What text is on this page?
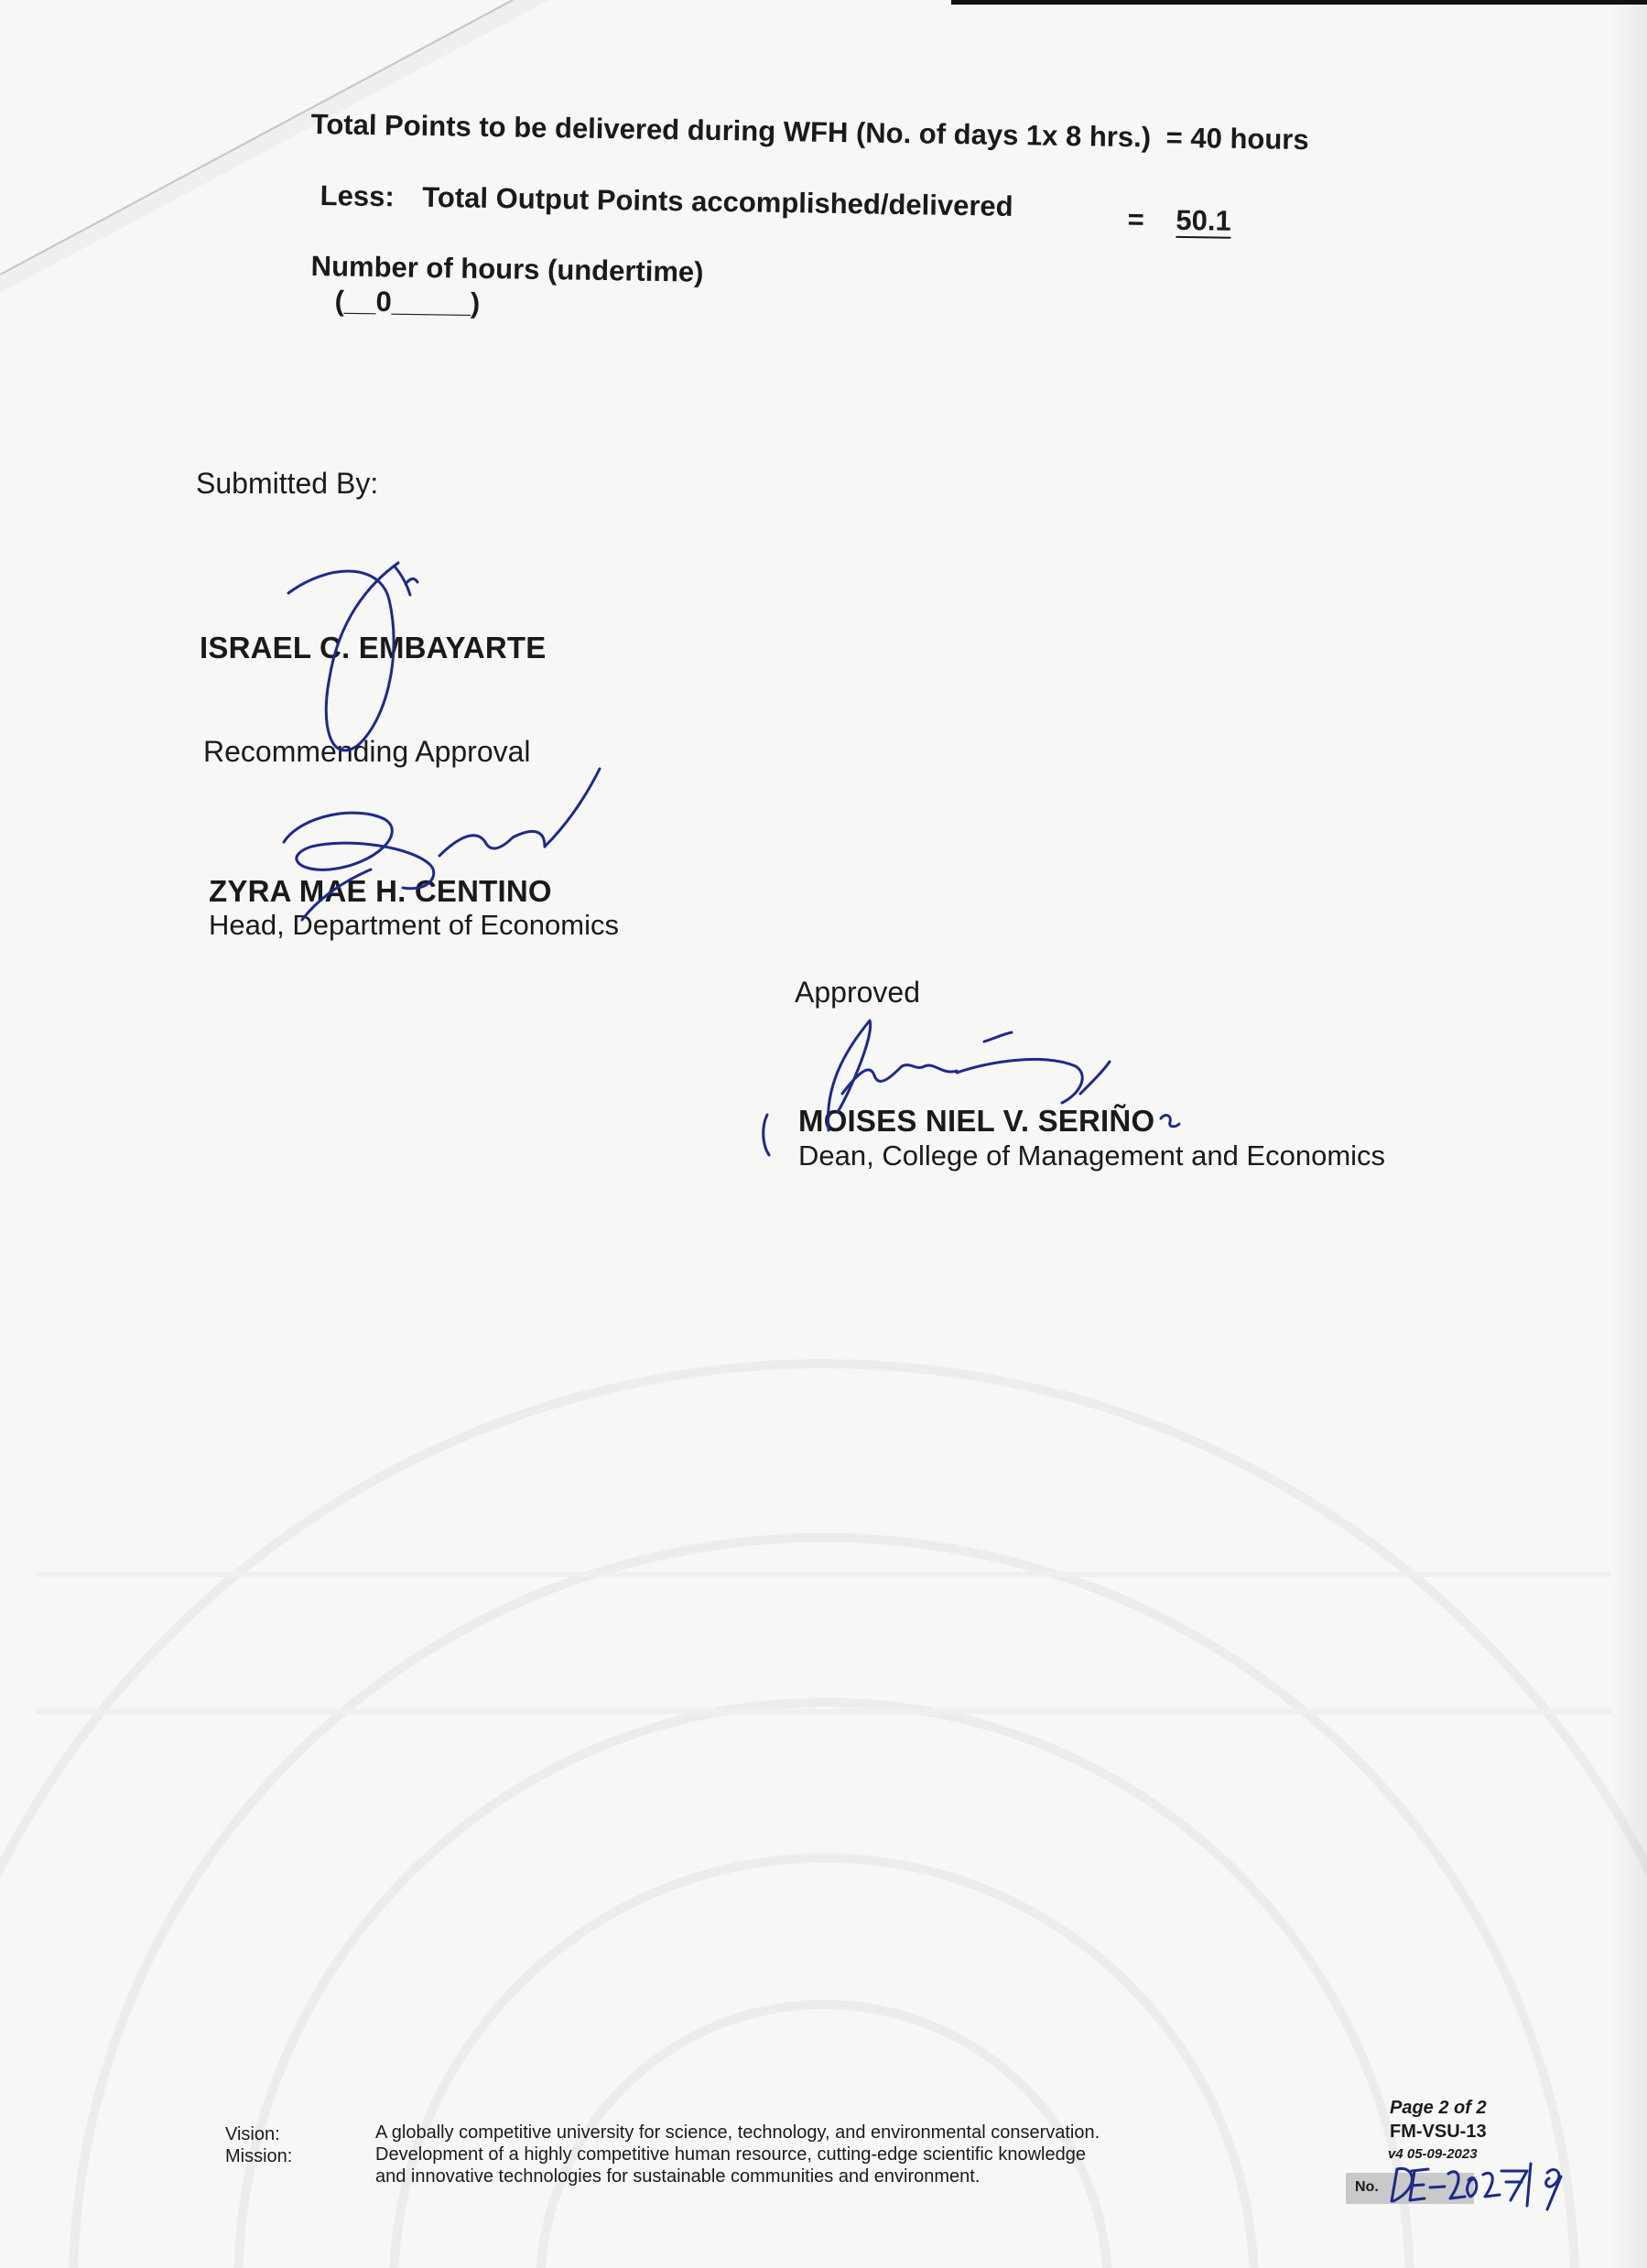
Total Points to be delivered during WFH (No. of days 1x 8 hrs.) = 40 hours
Less: Total Output Points accomplished/delivered	= 50.1
Number of hours (undertime)
(__0_____)
Submitted By:
ISRAEL C. EMBAYARTE
Recommending Approval
ZYRA MAE H. CENTINO
Head, Department of Economics
Approved
MOISES NIEL V. SERIÑO
Dean, College of Management and Economics
Vision:
Mission:
A globally competitive university for science, technology, and environmental conservation.
Development of a highly competitive human resource, cutting-edge scientific knowledge
and innovative technologies for sustainable communities and environment.
Page 2 of 2
FM-VSU-13
v4 05-09-2023
No.
